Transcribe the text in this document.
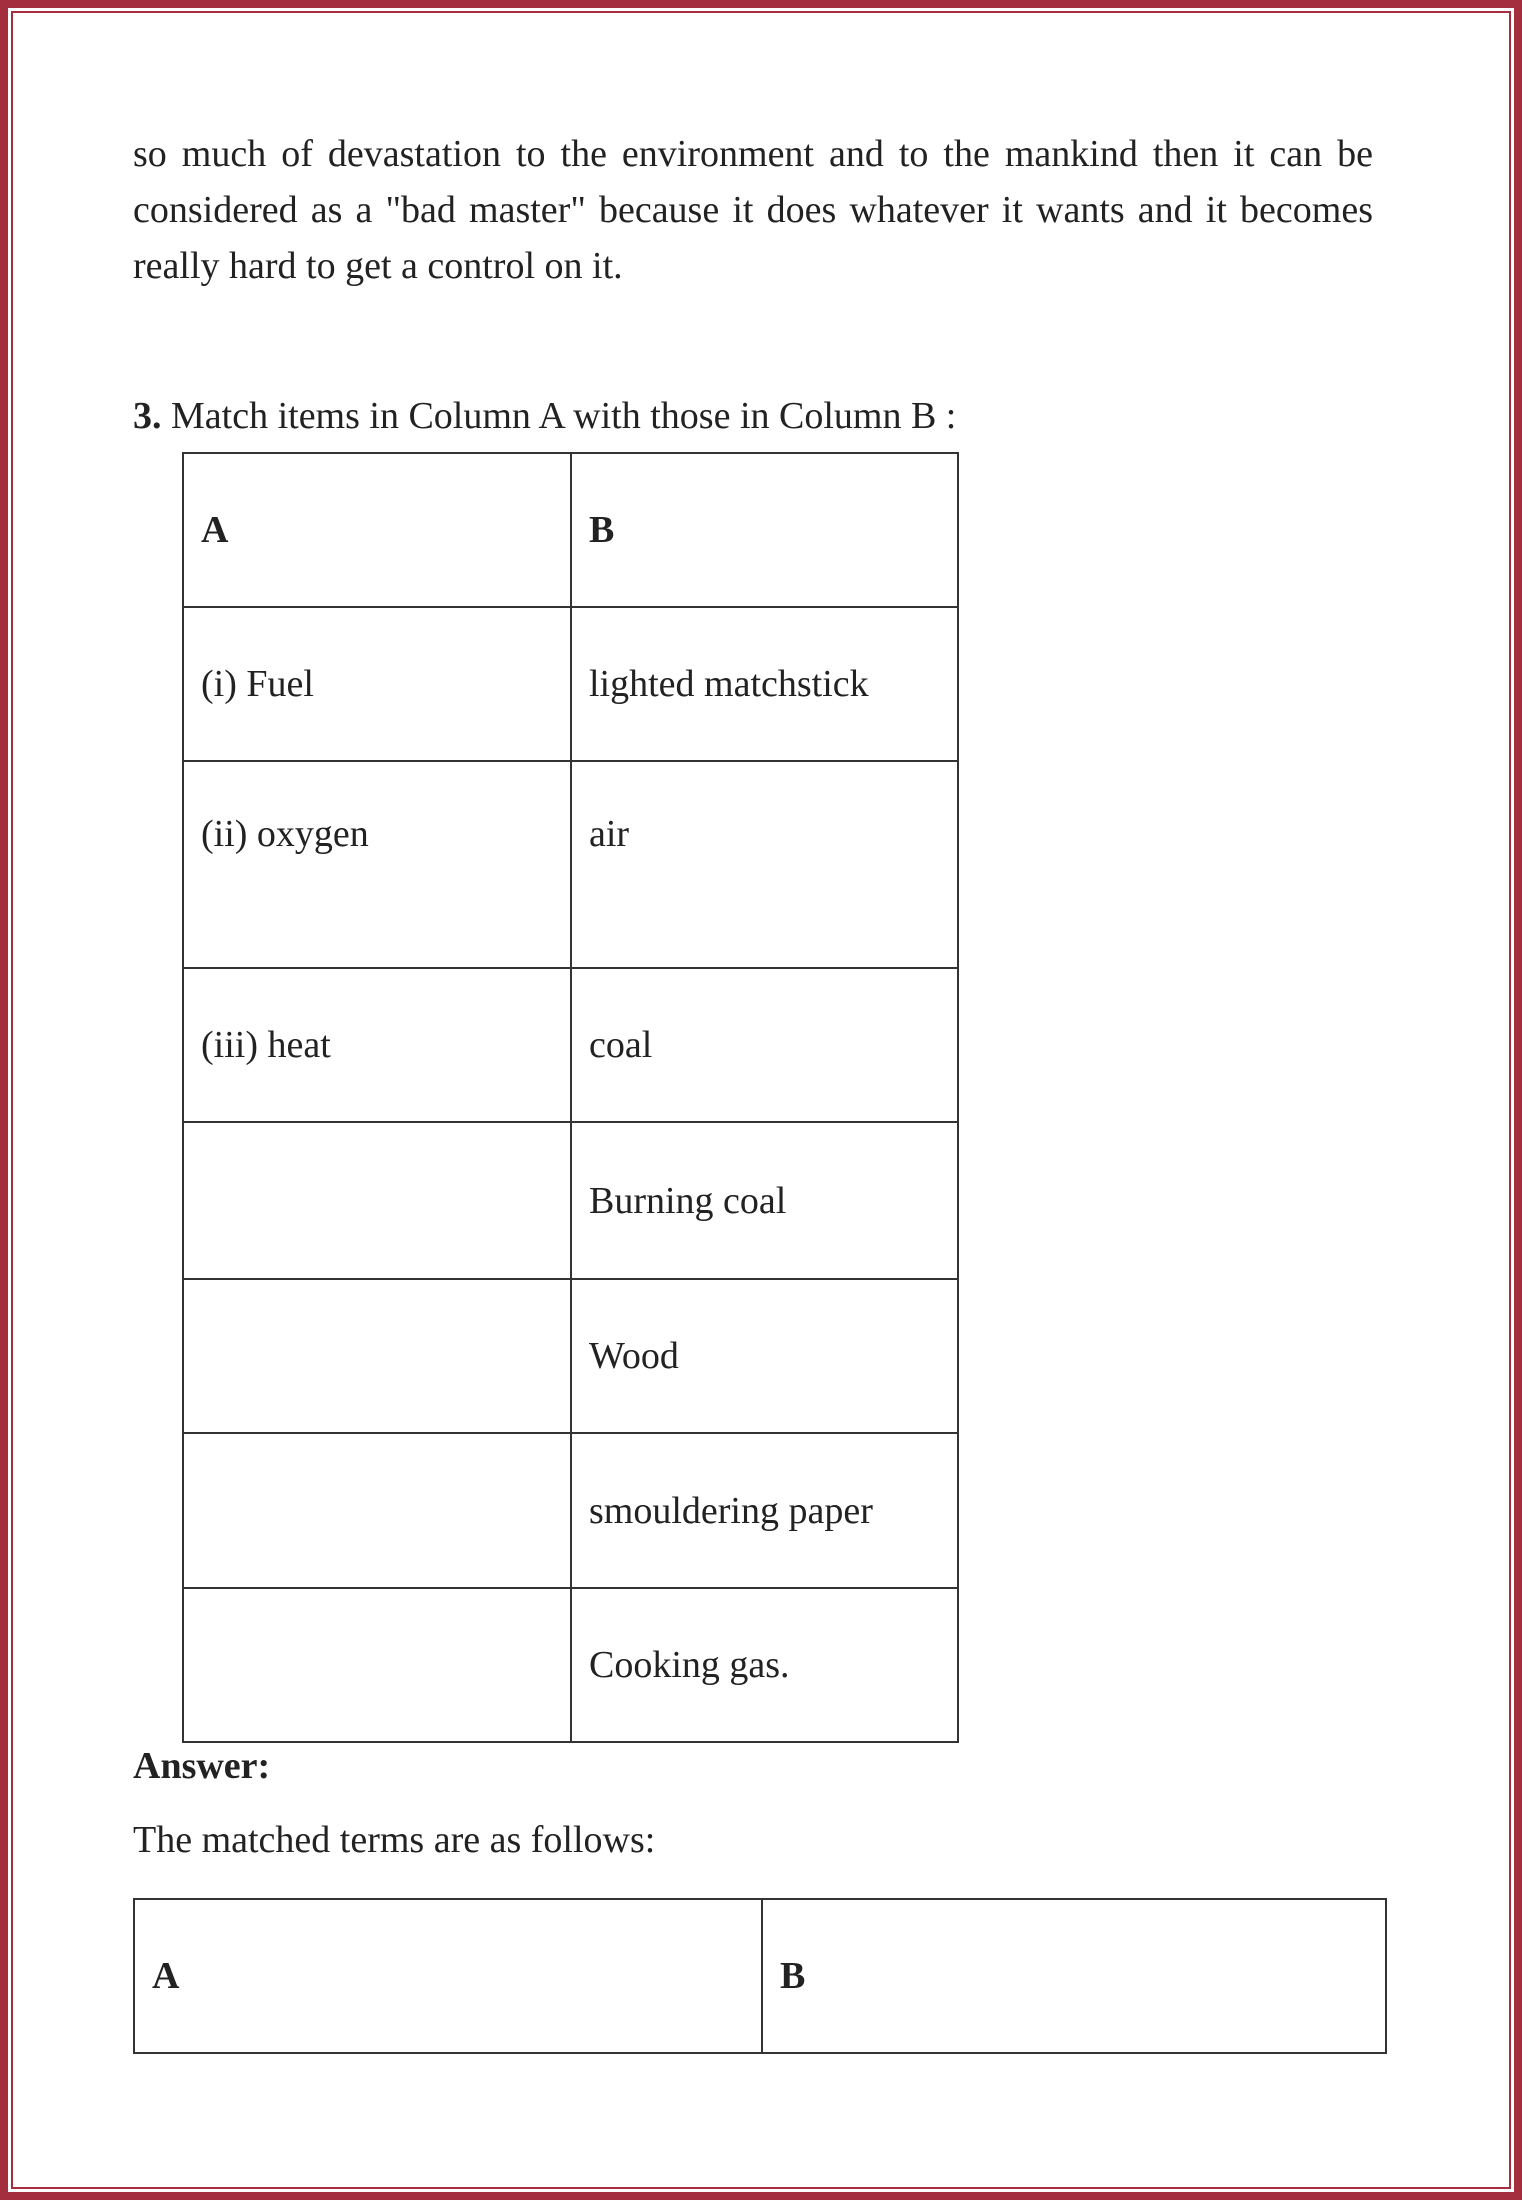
so much of devastation to the environment and to the mankind then it can be considered as a "bad master" because it does whatever it wants and it becomes really hard to get a control on it.
3. Match items in Column A with those in Column B :
A	B
(i) Fuel	lighted matchstick
(ii) oxygen	air
(iii) heat	coal
	Burning coal
	Wood
	smouldering paper
	Cooking gas.
Answer:
The matched terms are as follows:
A	B
